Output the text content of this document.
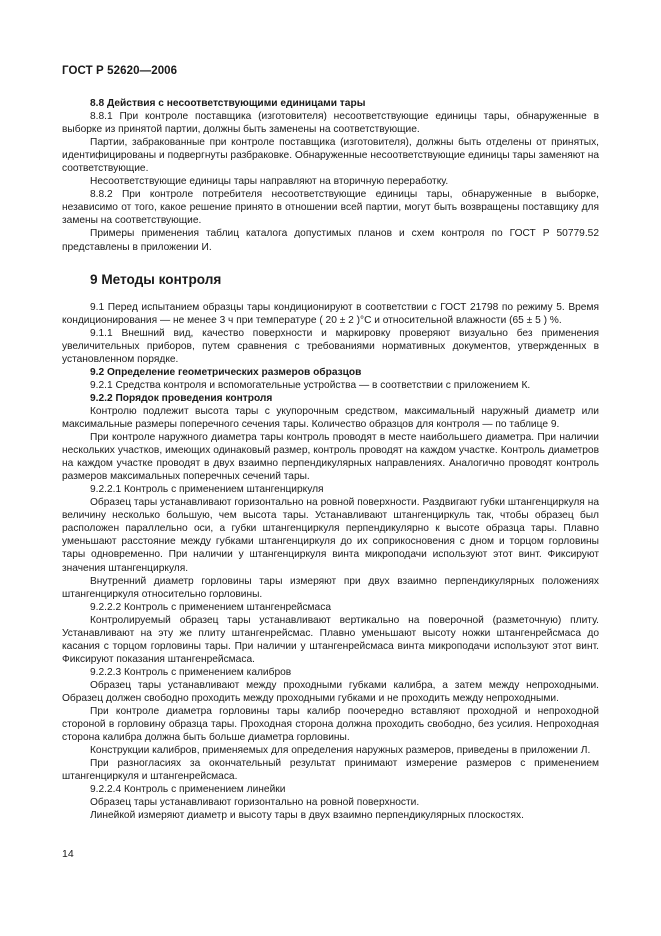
ГОСТ Р 52620—2006

8.8 Действия с несоответствующими единицами тары

8.8.1 При контроле поставщика (изготовителя) несоответствующие единицы тары, обнаруженные в выборке из принятой партии, должны быть заменены на соответствующие.

Партии, забракованные при контроле поставщика (изготовителя), должны быть отделены от принятых, идентифицированы и подвергнуты разбраковке. Обнаруженные несоответствующие единицы тары заменяют на соответствующие.

Несоответствующие единицы тары направляют на вторичную переработку.

8.8.2 При контроле потребителя несоответствующие единицы тары, обнаруженные в выборке, независимо от того, какое решение принято в отношении всей партии, могут быть возвращены поставщику для замены на соответствующие.

Примеры применения таблиц каталога допустимых планов и схем контроля по ГОСТ Р 50779.52 представлены в приложении И.

9 Методы контроля

9.1 Перед испытанием образцы тары кондиционируют в соответствии с ГОСТ 21798 по режиму 5. Время кондиционирования — не менее 3 ч при температуре ( 20 ± 2 )°С и относительной влажности (65 ± 5 ) %.

9.1.1 Внешний вид, качество поверхности и маркировку проверяют визуально без применения увеличительных приборов, путем сравнения с требованиями нормативных документов, утвержденных в установленном порядке.

9.2 Определение геометрических размеров образцов

9.2.1 Средства контроля и вспомогательные устройства — в соответствии с приложением К.

9.2.2 Порядок проведения контроля

Контролю подлежит высота тары с укупорочным средством, максимальный наружный диаметр или максимальные размеры поперечного сечения тары. Количество образцов для контроля — по таблице 9.

При контроле наружного диаметра тары контроль проводят в месте наибольшего диаметра. При наличии нескольких участков, имеющих одинаковый размер, контроль проводят на каждом участке. Контроль диаметров на каждом участке проводят в двух взаимно перпендикулярных направлениях. Аналогично проводят контроль размеров максимальных поперечных сечений тары.

9.2.2.1 Контроль с применением штангенциркуля

Образец тары устанавливают горизонтально на ровной поверхности. Раздвигают губки штангенциркуля на величину несколько большую, чем высота тары. Устанавливают штангенциркуль так, чтобы образец был расположен параллельно оси, а губки штангенциркуля перпендикулярно к высоте образца тары. Плавно уменьшают расстояние между губками штангенциркуля до их соприкосновения с дном и торцом горловины тары одновременно. При наличии у штангенциркуля винта микроподачи используют этот винт. Фиксируют значения штангенциркуля.

Внутренний диаметр горловины тары измеряют при двух взаимно перпендикулярных положениях штангенциркуля относительно горловины.

9.2.2.2 Контроль с применением штангенрейсмаса

Контролируемый образец тары устанавливают вертикально на поверочной (разметочную) плиту. Устанавливают на эту же плиту штангенрейсмас. Плавно уменьшают высоту ножки штангенрейсмаса до касания с торцом горловины тары. При наличии у штангенрейсмаса винта микроподачи используют этот винт. Фиксируют показания штангенрейсмаса.

9.2.2.3 Контроль с применением калибров

Образец тары устанавливают между проходными губками калибра, а затем между непроходными. Образец должен свободно проходить между проходными губками и не проходить между непроходными.

При контроле диаметра горловины тары калибр поочередно вставляют проходной и непроходной стороной в горловину образца тары. Проходная сторона должна проходить свободно, без усилия. Непроходная сторона калибра должна быть больше диаметра горловины.

Конструкции калибров, применяемых для определения наружных размеров, приведены в приложении Л.

При разногласиях за окончательный результат принимают измерение размеров с применением штангенциркуля и штангенрейсмаса.

9.2.2.4 Контроль с применением линейки

Образец тары устанавливают горизонтально на ровной поверхности.

Линейкой измеряют диаметр и высоту тары в двух взаимно перпендикулярных плоскостях.

14
